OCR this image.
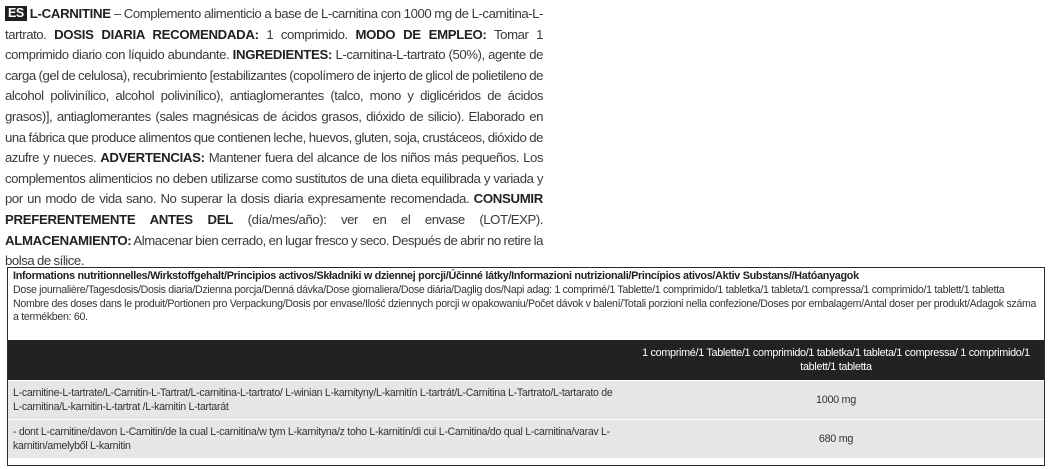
ES L-CARNITINE – Complemento alimenticio a base de L-carnitina con 1000 mg de L-carnitina-L-tartrato. DOSIS DIARIA RECOMENDADA: 1 comprimido. MODO DE EMPLEO: Tomar 1 comprimido diario con líquido abundante. INGREDIENTES: L-carnitina-L-tartrato (50%), agente de carga (gel de celulosa), recubrimiento [estabilizantes (copolímero de injerto de glicol de polietileno de alcohol polivinílico, alcohol polivinílico), antiaglomerantes (talco, mono y diglicéridos de ácidos grasos)], antiaglomerantes (sales magnésicas de ácidos grasos, dióxido de silicio). Elaborado en una fábrica que produce alimentos que contienen leche, huevos, gluten, soja, crustáceos, dióxido de azufre y nueces. ADVERTENCIAS: Mantener fuera del alcance de los niños más pequeños. Los complementos alimenticios no deben utilizarse como sustitutos de una dieta equilibrada y variada y por un modo de vida sano. No superar la dosis diaria expresamente recomendada. CONSUMIR PREFERENTEMENTE ANTES DEL (día/mes/año): ver en el envase (LOT/EXP). ALMACENAMIENTO: Almacenar bien cerrado, en lugar fresco y seco. Después de abrir no retire la bolsa de sílice.
Informations nutritionnelles/Wirkstoffgehalt/Principios activos/Składniki w dziennej porcji/Účinné látky/Informazioni nutrizionali/Princípios ativos/Aktiv Substans//Hatóanyagok
Dose journalière/Tagesdosis/Dosis diaria/Dzienna porcja/Denná dávka/Dose giornaliera/Dose diária/Daglig dos/Napi adag: 1 comprimé/1 Tablette/1 comprimido/1 tabletka/1 tableta/1 compressa/1 comprimido/1 tablett/1 tabletta
Nombre des doses dans le produit/Portionen pro Verpackung/Dosis por envase/Ilość dziennych porcji w opakowaniu/Počet dávok v balení/Totali porzioni nella confezione/Doses por embalagem/Antal doser per produkt/Adagok száma a termékben: 60.
	1 comprimé/1 Tablette/1 comprimido/1 tabletka/1 tableta/1 compressa/ 1 comprimido/1 tablett/1 tabletta
L-carnitine-L-tartrate/L-Carnitin-L-Tartrat/L-carnitina-L-tartrato/ L-winian L-karnityny/L-karnitín L-tartrát/L-Carnitina L-Tartrato/L-tartarato de L-carnitina/L-karnitin-L-tartrat /L-karnitin L-tartarát	1000 mg
- dont L-carnitine/davon L-Carnitin/de la cual L-carnitina/w tym L-karnityna/z toho L-karnitín/di cui L-Carnitina/do qual L-carnitina/varav L-karnitin/amelyből L-karnitin	680 mg
